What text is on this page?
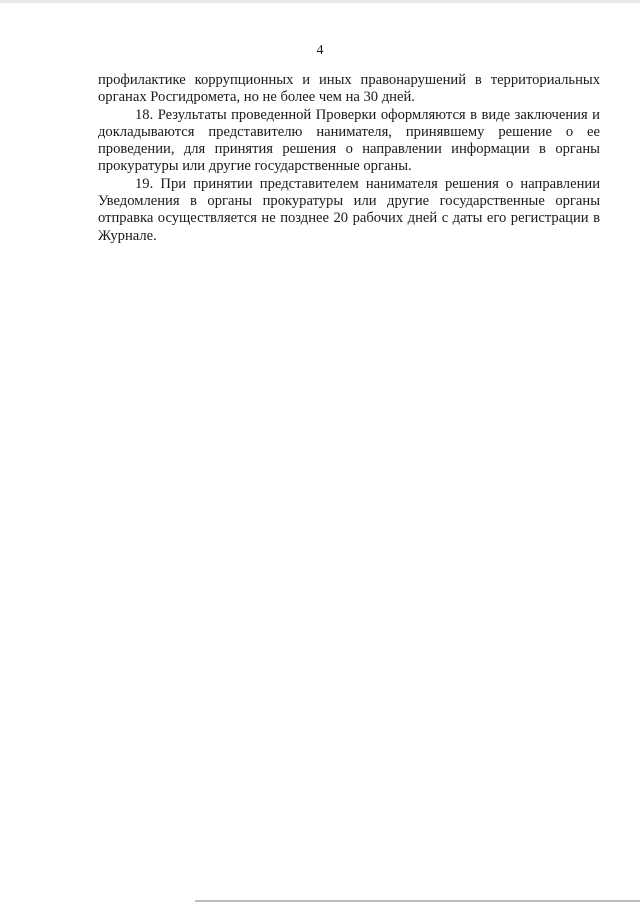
4

профилактике коррупционных и иных правонарушений в территориальных органах Росгидромета, но не более чем на 30 дней.

18. Результаты проведенной Проверки оформляются в виде заключения и докладываются представителю нанимателя, принявшему решение о ее проведении, для принятия решения о направлении информации в органы прокуратуры или другие государственные органы.

19. При принятии представителем нанимателя решения о направлении Уведомления в органы прокуратуры или другие государственные органы отправка осуществляется не позднее 20 рабочих дней с даты его регистрации в Журнале.
